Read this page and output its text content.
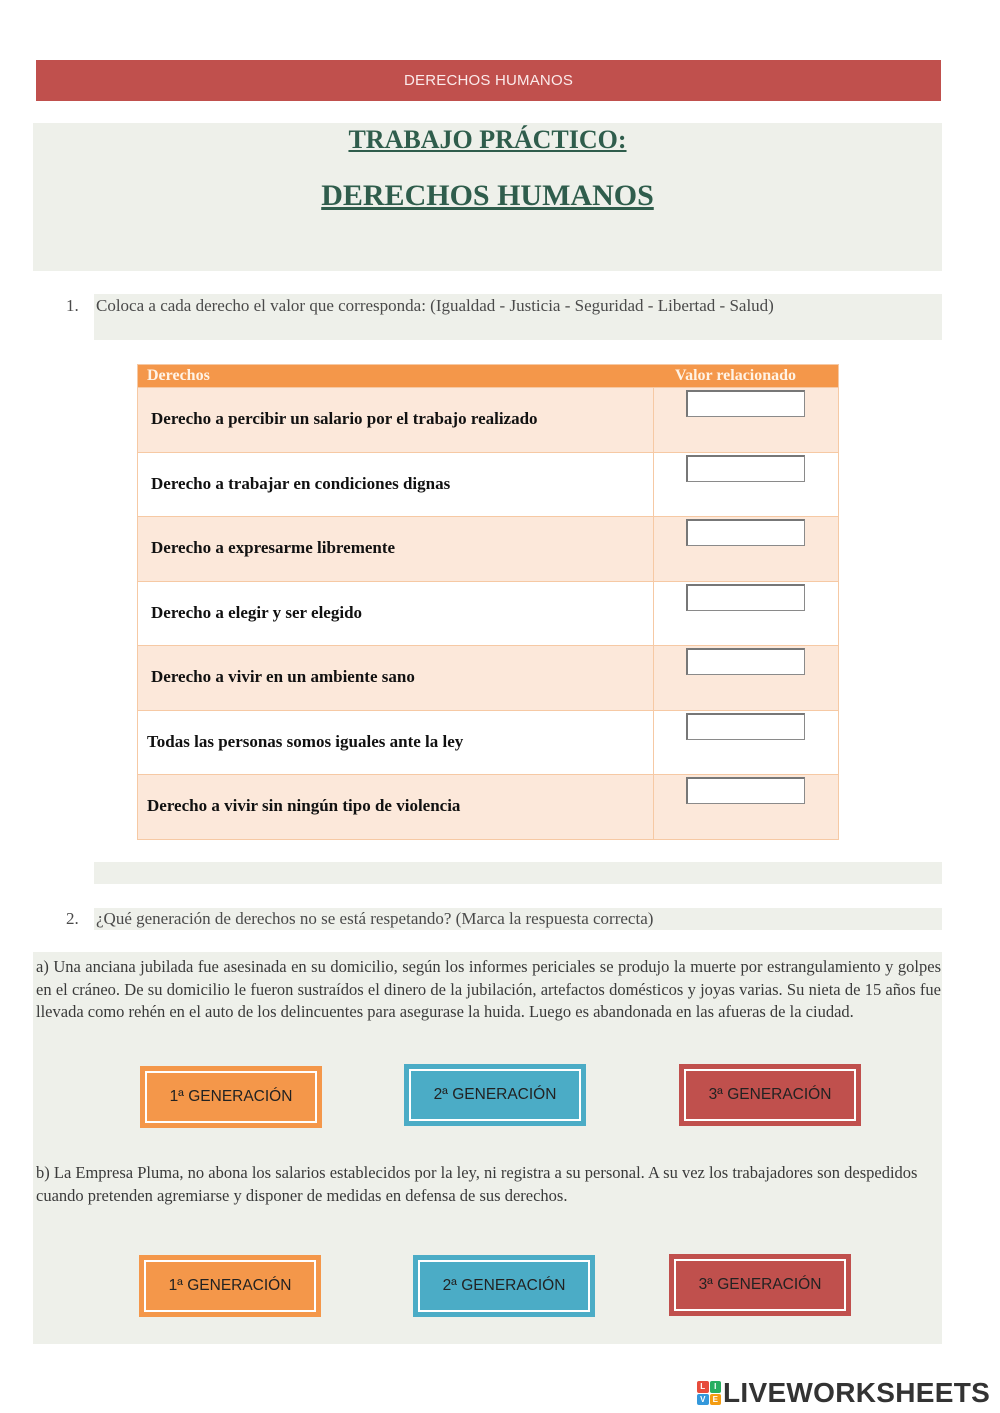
DERECHOS HUMANOS
TRABAJO PRÁCTICO:
DERECHOS HUMANOS
1. Coloca a cada derecho el valor que corresponda: (Igualdad - Justicia - Seguridad - Libertad - Salud)
Derechos	Valor relacionado
Derecho a percibir un salario por el trabajo realizado
Derecho a trabajar en condiciones dignas
Derecho a expresarme libremente
Derecho a elegir y ser elegido
Derecho a vivir en un ambiente sano
Todas las personas somos iguales ante la ley
Derecho a vivir sin ningún tipo de violencia
2. ¿Qué generación de derechos no se está respetando? (Marca la respuesta correcta)
a) Una anciana jubilada fue asesinada en su domicilio, según los informes periciales se produjo la muerte por estrangulamiento y golpes en el cráneo. De su domicilio le fueron sustraídos el dinero de la jubilación, artefactos domésticos y joyas varias. Su nieta de 15 años fue llevada como rehén en el auto de los delincuentes para asegurase la huida. Luego es abandonada en las afueras de la ciudad.
1ª GENERACIÓN	2ª GENERACIÓN	3ª GENERACIÓN
b) La Empresa Pluma, no abona los salarios establecidos por la ley, ni registra a su personal. A su vez los trabajadores son despedidos cuando pretenden agremiarse y disponer de medidas en defensa de sus derechos.
1ª GENERACIÓN	2ª GENERACIÓN	3ª GENERACIÓN
L	I
V E LIVEWORKSHEETS
